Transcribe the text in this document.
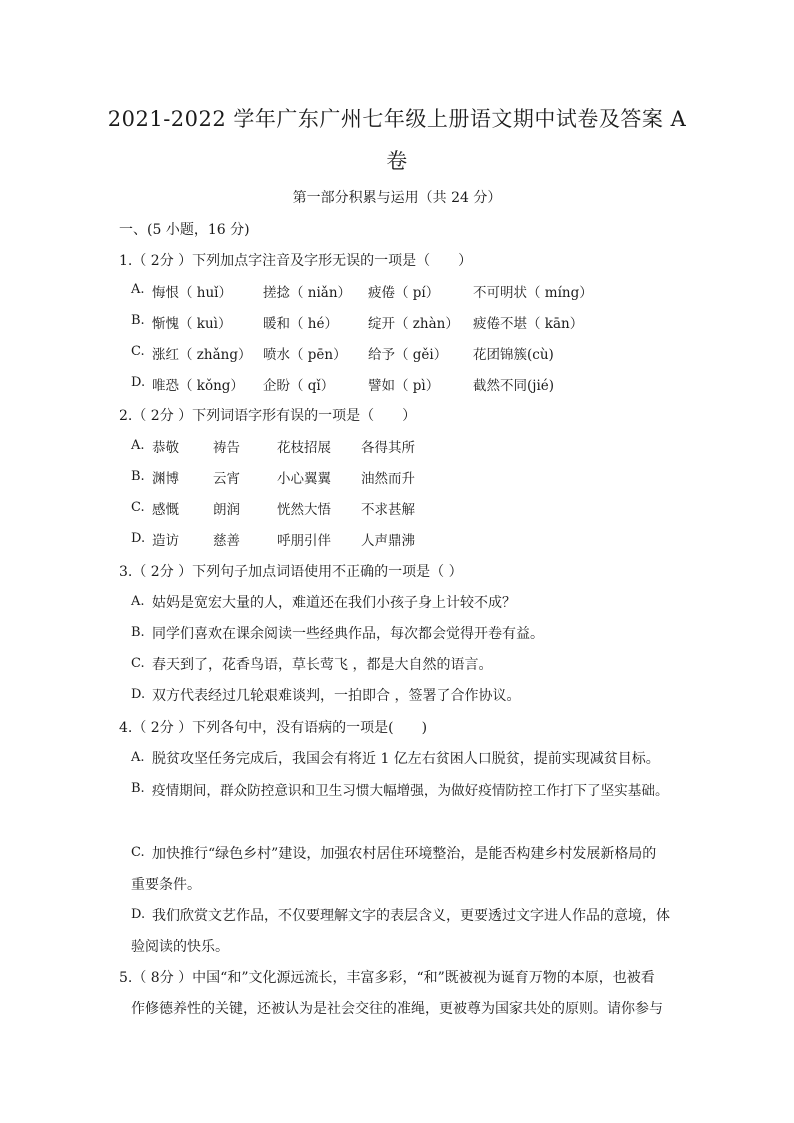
2021-2022 学年广东广州七年级上册语文期中试卷及答案 A
卷
第一部分积累与运用（共 24 分）
一、(5 小题，16 分)
1.（ 2分 ）下列加点字注音及字形无误的一项是（　　）
A. 悔恨（ huǐ） 搓捻（ niǎn） 疲倦（ pí） 不可明状（ míng）
B. 惭愧（ kuì） 暖和（ hé） 绽开（ zhàn） 疲倦不堪（ kān）
C. 涨红（ zhǎng） 喷水（ pēn） 给予（ gěi） 花团锦簇(cù)
D. 唯恐（ kǒng） 企盼（ qǐ） 譬如（ pì） 截然不同(jié)
2.（ 2分 ）下列词语字形有误的一项是（　　）
A. 恭敬	祷告	花枝招展 各得其所
B. 渊博	云宵	小心翼翼 油然而升
C. 感慨	朗润	恍然大悟 不求甚解
D. 造访	慈善	呼朋引伴 人声鼎沸
3.（ 2分 ）下列句子加点词语使用不正确的一项是（ ）
A. 姑妈是宽宏大量的人，难道还在我们小孩子身上计较不成？
B. 同学们喜欢在课余阅读一些经典作品，每次都会觉得开卷有益。
C. 春天到了，花香鸟语，草长莺飞 ，都是大自然的语言。
D. 双方代表经过几轮艰难谈判，一拍即合 ，签署了合作协议。
4.（ 2分 ）下列各句中，没有语病的一项是(　　)
A. 脱贫攻坚任务完成后，我国会有将近 1 亿左右贫困人口脱贫，提前实现减贫目标。
B. 疫情期间，群众防控意识和卫生习惯大幅增强，为做好疫情防控工作打下了坚实基础。
C. 加快推行“绿色乡村”建设，加强农村居住环境整治，是能否构建乡村发展新格局的
重要条件。
D. 我们欣赏文艺作品，不仅要理解文字的表层含义，更要透过文字进人作品的意境，体
验阅读的快乐。
5.（ 8分 ）中国“和”文化源远流长，丰富多彩，“和”既被视为诞育万物的本原，也被看
作修德养性的关键，还被认为是社会交往的准绳，更被尊为国家共处的原则。请你参与
